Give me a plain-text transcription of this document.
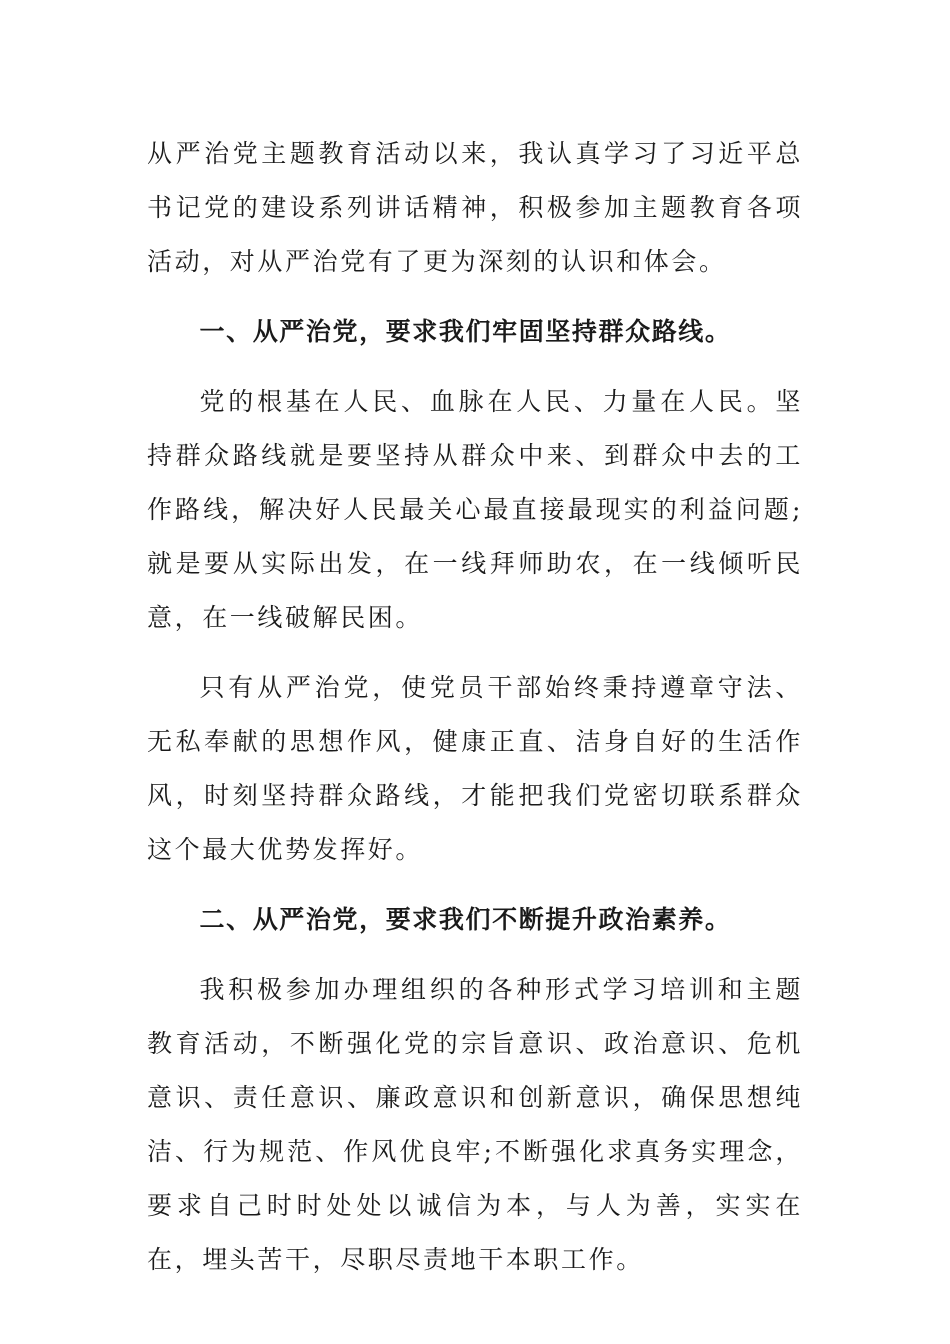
从严治党主题教育活动以来，我认真学习了习近平总书记党的建设系列讲话精神，积极参加主题教育各项活动，对从严治党有了更为深刻的认识和体会。

一、从严治党，要求我们牢固坚持群众路线。

党的根基在人民、血脉在人民、力量在人民。坚持群众路线就是要坚持从群众中来、到群众中去的工作路线，解决好人民最关心最直接最现实的利益问题;就是要从实际出发，在一线拜师助农，在一线倾听民意，在一线破解民困。

只有从严治党，使党员干部始终秉持遵章守法、无私奉献的思想作风，健康正直、洁身自好的生活作风，时刻坚持群众路线，才能把我们党密切联系群众这个最大优势发挥好。

二、从严治党，要求我们不断提升政治素养。

我积极参加办理组织的各种形式学习培训和主题教育活动，不断强化党的宗旨意识、政治意识、危机意识、责任意识、廉政意识和创新意识，确保思想纯洁、行为规范、作风优良牢;不断强化求真务实理念，要求自己时时处处以诚信为本，与人为善，实实在在，埋头苦干，尽职尽责地干本职工作。
